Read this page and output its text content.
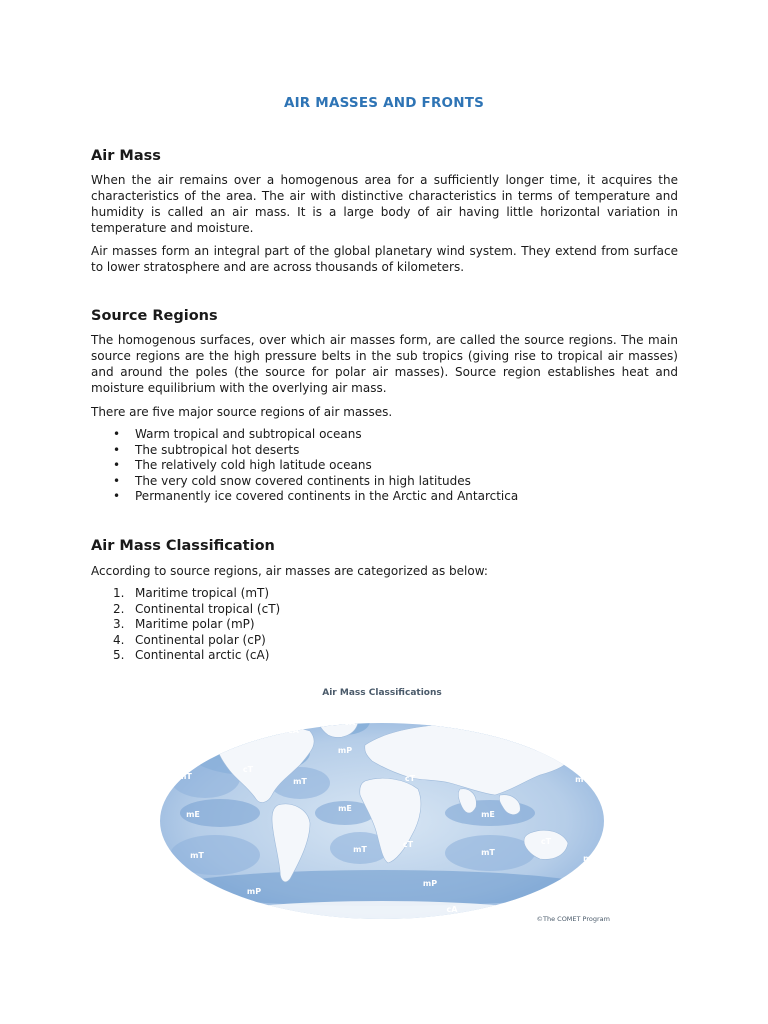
AIR MASSES AND FRONTS
Air Mass
When the air remains over a homogenous area for a sufficiently longer time, it acquires the characteristics of the area. The air with distinctive characteristics in terms of temperature and humidity is called an air mass. It is a large body of air having little horizontal variation in temperature and moisture.
Air masses form an integral part of the global planetary wind system. They extend from surface to lower stratosphere and are across thousands of kilometers.
Source Regions
The homogenous surfaces, over which air masses form, are called the source regions. The main source regions are the high pressure belts in the sub tropics (giving rise to tropical air masses) and around the poles (the source for polar air masses). Source region establishes heat and moisture equilibrium with the overlying air mass.
There are five major source regions of air masses.
• Warm tropical and subtropical oceans
• The subtropical hot deserts
• The relatively cold high latitude oceans
• The very cold snow covered continents in high latitudes
• Permanently ice covered continents in the Arctic and Antarctica
Air Mass Classification
According to source regions, air masses are categorized as below:
1. Maritime tropical (mT)
2. Continental tropical (cT)
3. Maritime polar (mP)
4. Continental polar (cP)
5. Continental arctic (cA)
Air Mass Classifications
cP
+ cA
cP + cA	cP + cA
mP	mP
mP
mT
cT
mT	cT	mT
mE
mE
mE
mT
mT
cT
mT
cT
mT
mP
mP
cA
©The COMET Program
